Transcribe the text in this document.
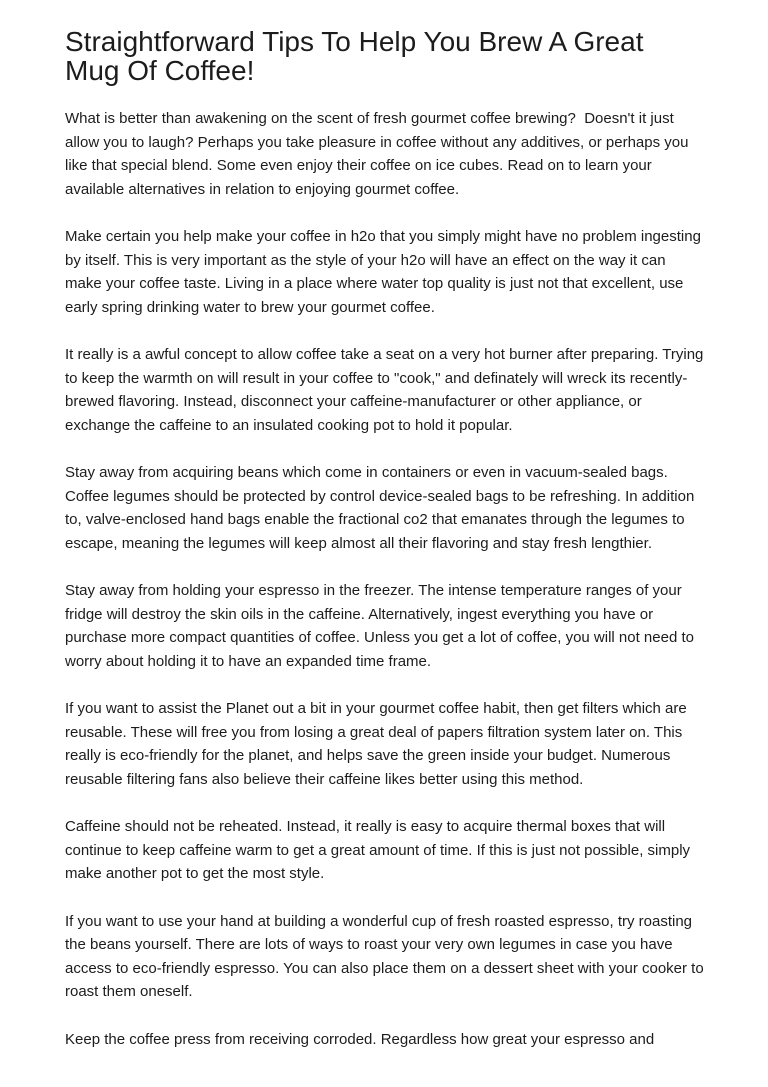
Straightforward Tips To Help You Brew A Great Mug Of Coffee!

What is better than awakening on the scent of fresh gourmet coffee brewing?  Doesn't it just allow you to laugh? Perhaps you take pleasure in coffee without any additives, or perhaps you like that special blend. Some even enjoy their coffee on ice cubes. Read on to learn your available alternatives in relation to enjoying gourmet coffee.

Make certain you help make your coffee in h2o that you simply might have no problem ingesting by itself. This is very important as the style of your h2o will have an effect on the way it can make your coffee taste. Living in a place where water top quality is just not that excellent, use early spring drinking water to brew your gourmet coffee.

It really is a awful concept to allow coffee take a seat on a very hot burner after preparing. Trying to keep the warmth on will result in your coffee to "cook," and definately will wreck its recently-brewed flavoring. Instead, disconnect your caffeine-manufacturer or other appliance, or exchange the caffeine to an insulated cooking pot to hold it popular.

Stay away from acquiring beans which come in containers or even in vacuum-sealed bags. Coffee legumes should be protected by control device-sealed bags to be refreshing. In addition to, valve-enclosed hand bags enable the fractional co2 that emanates through the legumes to escape, meaning the legumes will keep almost all their flavoring and stay fresh lengthier.

Stay away from holding your espresso in the freezer. The intense temperature ranges of your fridge will destroy the skin oils in the caffeine. Alternatively, ingest everything you have or purchase more compact quantities of coffee. Unless you get a lot of coffee, you will not need to worry about holding it to have an expanded time frame.

If you want to assist the Planet out a bit in your gourmet coffee habit, then get filters which are reusable. These will free you from losing a great deal of papers filtration system later on. This really is eco-friendly for the planet, and helps save the green inside your budget. Numerous reusable filtering fans also believe their caffeine likes better using this method.

Caffeine should not be reheated. Instead, it really is easy to acquire thermal boxes that will continue to keep caffeine warm to get a great amount of time. If this is just not possible, simply make another pot to get the most style.

If you want to use your hand at building a wonderful cup of fresh roasted espresso, try roasting the beans yourself. There are lots of ways to roast your very own legumes in case you have access to eco-friendly espresso. You can also place them on a dessert sheet with your cooker to roast them oneself.

Keep the coffee press from receiving corroded. Regardless how great your espresso and
